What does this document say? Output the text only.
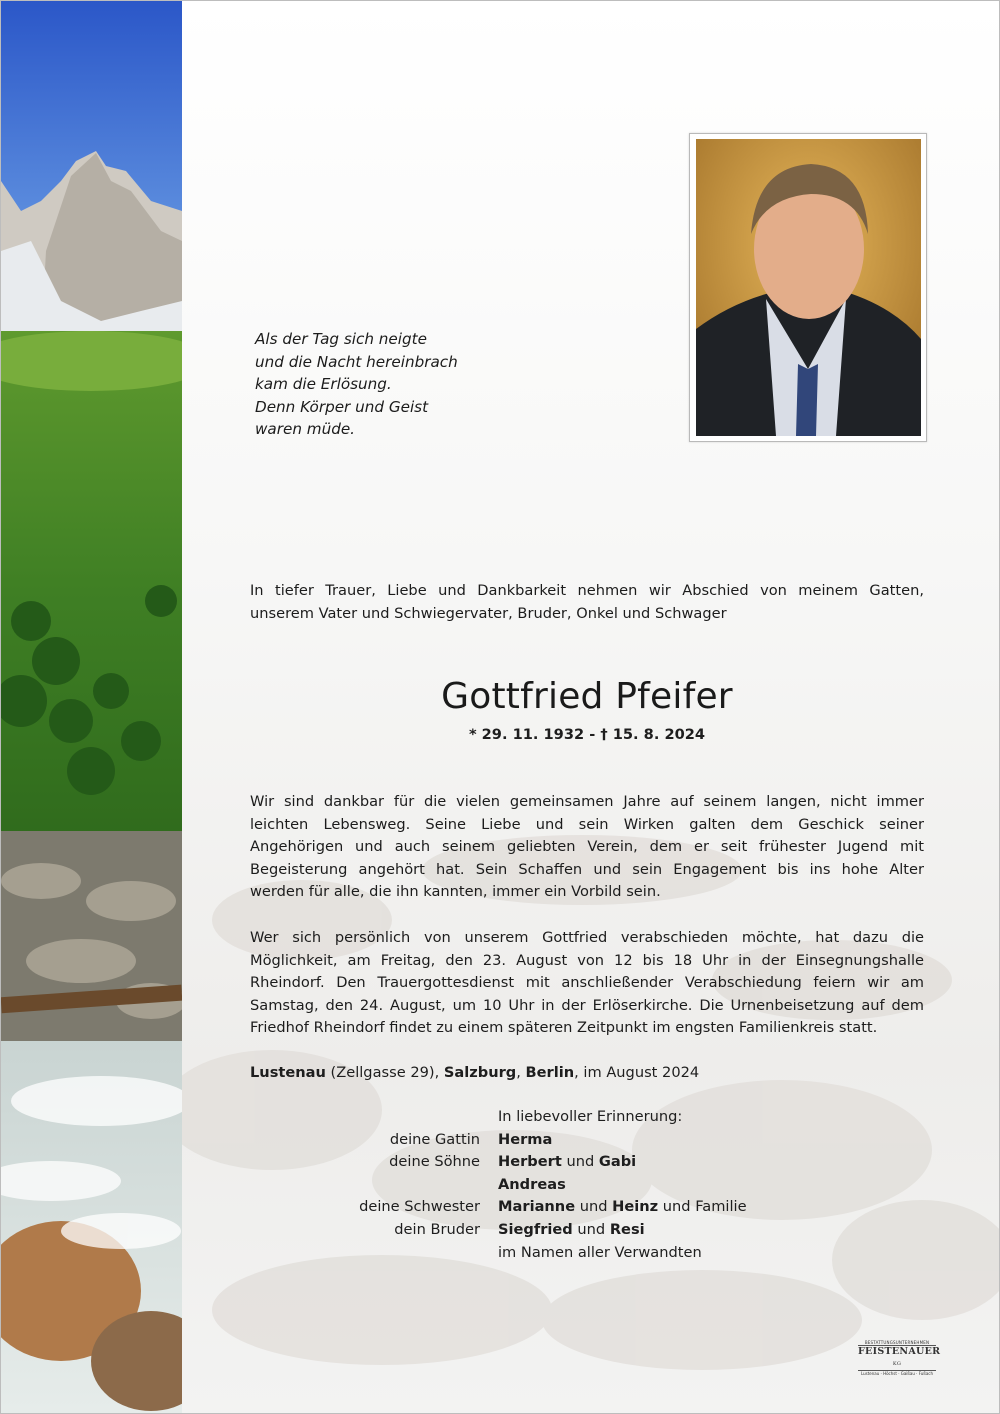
Als der Tag sich neigte
und die Nacht hereinbrach
kam die Erlösung.
Denn Körper und Geist
waren müde.
In tiefer Trauer, Liebe und Dankbarkeit nehmen wir Abschied von meinem Gatten,
unserem Vater und Schwiegervater, Bruder, Onkel und Schwager
Gottfried Pfeifer
* 29. 11. 1932 - † 15. 8. 2024
Wir sind dankbar für die vielen gemeinsamen Jahre auf seinem langen, nicht immer
leichten Lebensweg. Seine Liebe und sein Wirken galten dem Geschick seiner
Angehörigen und auch seinem geliebten Verein, dem er seit frühester Jugend mit
Begeisterung angehört hat. Sein Schaffen und sein Engagement bis ins hohe Alter
werden für alle, die ihn kannten, immer ein Vorbild sein.
Wer sich persönlich von unserem Gottfried verabschieden möchte, hat dazu die
Möglichkeit, am Freitag, den 23. August von 12 bis 18 Uhr in der Einsegnungshalle
Rheindorf. Den Trauergottesdienst mit anschließender Verabschiedung feiern wir am
Samstag, den 24. August, um 10 Uhr in der Erlöserkirche. Die Urnenbeisetzung auf dem
Friedhof Rheindorf findet zu einem späteren Zeitpunkt im engsten Familienkreis statt.
Lustenau (Zellgasse 29), Salzburg, Berlin, im August 2024
In liebevoller Erinnerung:
deine Gattin	Herma
deine Söhne	Herbert und Gabi
Andreas
deine Schwester	Marianne und Heinz und Familie
dein Bruder	Siegfried und Resi
im Namen aller Verwandten
BESTATTUNGSUNTERNEHMEN
FEISTENAUER KG
Lustenau · Höchst · Gaißau · Fußach
